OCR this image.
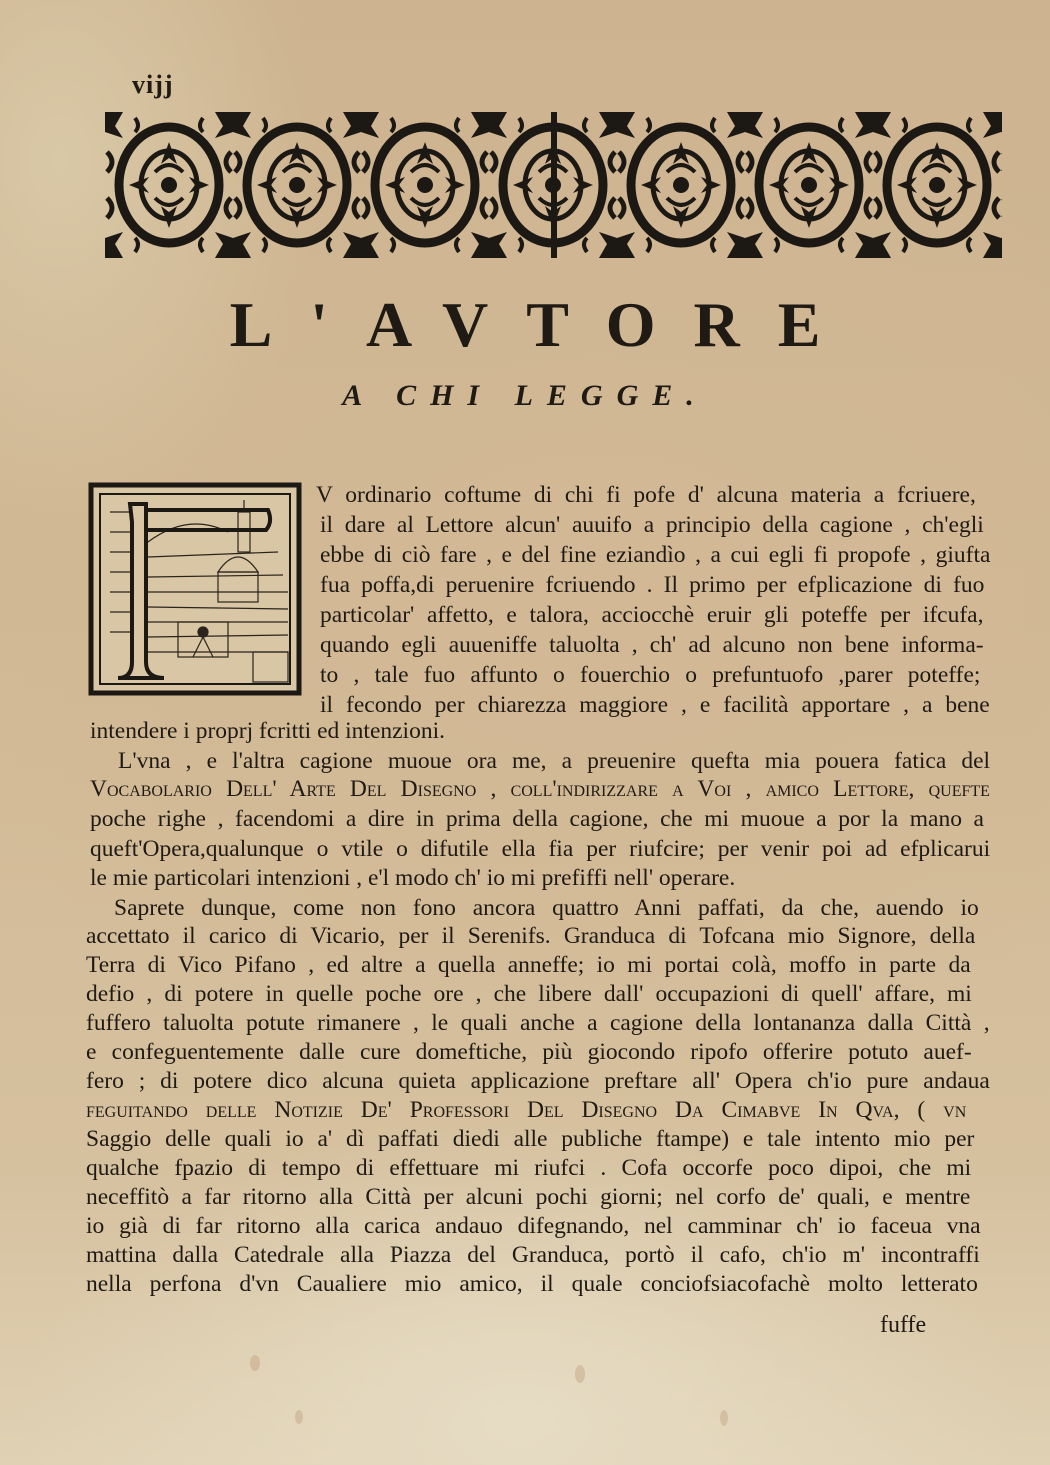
vijj
L'AVTORE
A CHI LEGGE.
V ordinario coftume di chi fi pofe d' alcuna materia a fcriuere,
il dare al Lettore alcun' auuifo a principio della cagione , ch'egli
ebbe di ciò fare , e del fine eziandìo , a cui egli fi propofe , giufta
fua poffa,di peruenire fcriuendo . Il primo per efplicazione di fuo
particolar' affetto, e talora, acciocchè eruir gli poteffe per ifcufa,
quando egli auueniffe taluolta , ch' ad alcuno non bene informa-
to , tale fuo affunto o fouerchio o prefuntuofo ,parer poteffe;
il fecondo per chiarezza maggiore , e facilità apportare , a bene
intendere i proprj fcritti ed intenzioni.
L'vna , e l'altra cagione muoue ora me, a preuenire quefta mia pouera fatica del
Vocabolario Dell' Arte Del Disegno , coll'indirizzare a Voi , amico Lettore, quefte
poche righe , facendomi a dire in prima della cagione, che mi muoue a por la mano a
queft'Opera,qualunque o vtile o difutile ella fia per riufcire; per venir poi ad efplicarui
le mie particolari intenzioni , e'l modo ch' io mi prefiffi nell' operare.
Saprete dunque, come non fono ancora quattro Anni paffati, da che, auendo io
accettato il carico di Vicario, per il Serenifs. Granduca di Tofcana mio Signore, della
Terra di Vico Pifano , ed altre a quella anneffe; io mi portai colà, moffo in parte da
defio , di potere in quelle poche ore , che libere dall' occupazioni di quell' affare, mi
fuffero taluolta potute rimanere , le quali anche a cagione della lontananza dalla Città ,
e confeguentemente dalle cure domeftiche, più giocondo ripofo offerire potuto auef-
fero ; di potere dico alcuna quieta applicazione preftare all' Opera ch'io pure andaua
feguitando delle Notizie De' Professori Del Disegno Da Cimabve In Qva, ( vn
Saggio delle quali io a' dì paffati diedi alle publiche ftampe) e tale intento mio per
qualche fpazio di tempo di effettuare mi riufci . Cofa occorfe poco dipoi, che mi
neceffitò a far ritorno alla Città per alcuni pochi giorni; nel corfo de' quali, e mentre
io già di far ritorno alla carica andauo difegnando, nel camminar ch' io faceua vna
mattina dalla Catedrale alla Piazza del Granduca, portò il cafo, ch'io m' incontraffi
nella perfona d'vn Caualiere mio amico, il quale conciofsiacofachè molto letterato
fuffe
